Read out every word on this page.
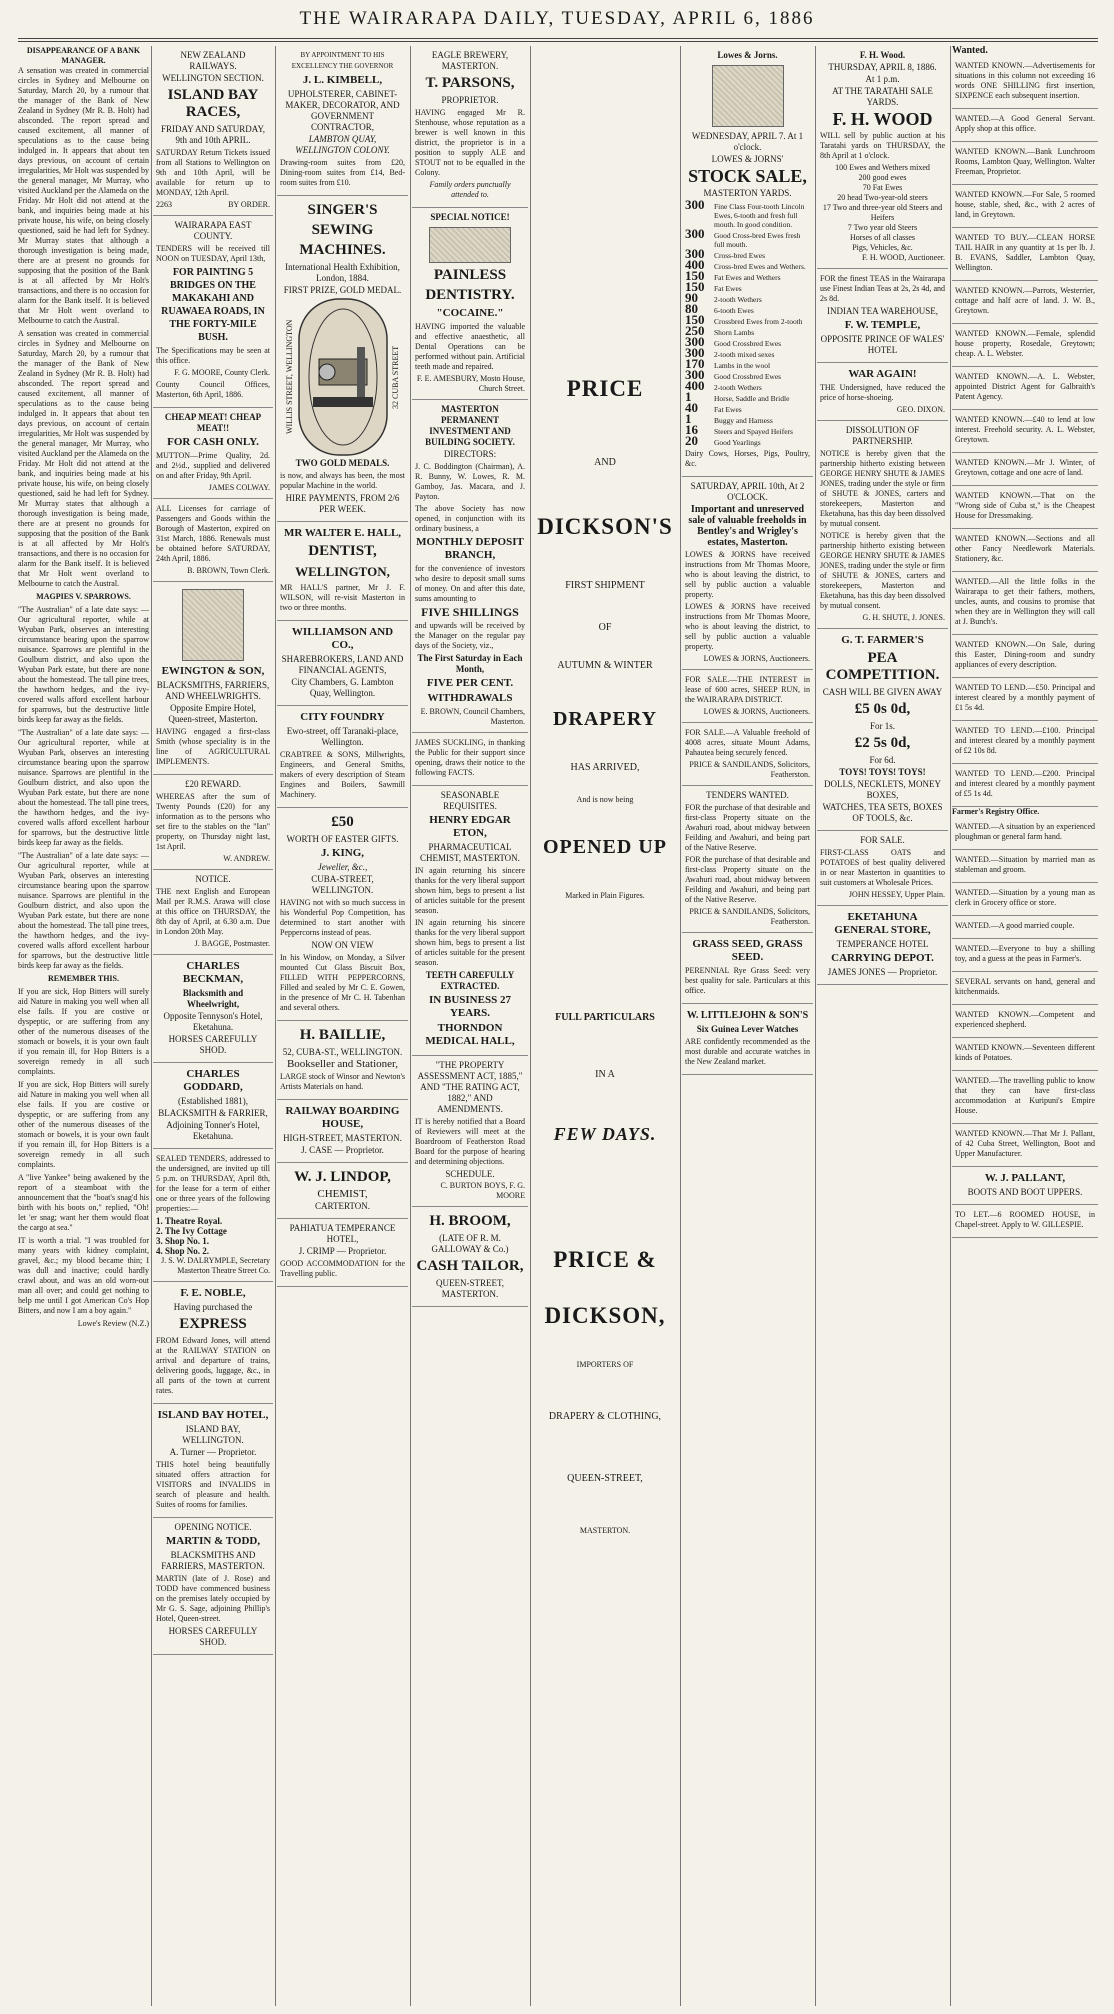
THE WAIRARAPA DAILY, TUESDAY, APRIL 6, 1886
DISAPPEARANCE OF A BANK MANAGER.

A sensation was created in commercial circles in Sydney and Melbourne on Saturday, March 20, by a rumour that the manager of the Bank of New Zealand in Sydney (Mr R. B. Holt) had absconded. The report spread and caused excitement, all manner of speculations as to the cause being indulged in. It appears that about ten days previous, on account of certain irregularities, Mr Holt was suspended by the general manager, Mr Murray, who visited Auckland per the Alameda on the Friday. Mr Holt did not attend at the bank, and inquiries being made at his private house, his wife, on being closely questioned, said he had left for Sydney. Mr Murray states that although a thorough investigation is being made, there are at present no grounds for supposing that the position of the Bank is at all affected by Mr Holt's transactions, and there is no occasion for alarm for the Bank itself. It is believed that Mr Holt went overland to Melbourne to catch the Austral.

A sensation was created in commercial circles in Sydney and Melbourne on Saturday, March 20, by a rumour that the manager of the Bank of New Zealand in Sydney (Mr R. B. Holt) had absconded. The report spread and caused excitement, all manner of speculations as to the cause being indulged in. It appears that about ten days previous, on account of certain irregularities, Mr Holt was suspended by the general manager, Mr Murray, who visited Auckland per the Alameda on the Friday. Mr Holt did not attend at the bank, and inquiries being made at his private house, his wife, on being closely questioned, said he had left for Sydney. Mr Murray states that although a thorough investigation is being made, there are at present no grounds for supposing that the position of the Bank is at all affected by Mr Holt's transactions, and there is no occasion for alarm for the Bank itself. It is believed that Mr Holt went overland to Melbourne to catch the Austral.

MAGPIES V. SPARROWS.

"The Australian" of a late date says: — Our agricultural reporter, while at Wyuban Park, observes an interesting circumstance bearing upon the sparrow nuisance. Sparrows are plentiful in the Goulburn district, and also upon the Wyuban Park estate, but there are none about the homestead. The tall pine trees, the hawthorn hedges, and the ivy-covered walls afford excellent harbour for sparrows, but the destructive little birds keep far away as the fields.

"The Australian" of a late date says: — Our agricultural reporter, while at Wyuban Park, observes an interesting circumstance bearing upon the sparrow nuisance. Sparrows are plentiful in the Goulburn district, and also upon the Wyuban Park estate, but there are none about the homestead. The tall pine trees, the hawthorn hedges, and the ivy-covered walls afford excellent harbour for sparrows, but the destructive little birds keep far away as the fields.

"The Australian" of a late date says: — Our agricultural reporter, while at Wyuban Park, observes an interesting circumstance bearing upon the sparrow nuisance. Sparrows are plentiful in the Goulburn district, and also upon the Wyuban Park estate, but there are none about the homestead. The tall pine trees, the hawthorn hedges, and the ivy-covered walls afford excellent harbour for sparrows, but the destructive little birds keep far away as the fields.

REMEMBER THIS.

If you are sick, Hop Bitters will surely aid Nature in making you well when all else fails. If you are costive or dyspeptic, or are suffering from any other of the numerous diseases of the stomach or bowels, it is your own fault if you remain ill, for Hop Bitters is a sovereign remedy in all such complaints.

If you are sick, Hop Bitters will surely aid Nature in making you well when all else fails. If you are costive or dyspeptic, or are suffering from any other of the numerous diseases of the stomach or bowels, it is your own fault if you remain ill, for Hop Bitters is a sovereign remedy in all such complaints.

A "live Yankee" being awakened by the report of a steamboat with the announcement that the "boat's snag'd his birth with his boots on," replied, "Oh! let 'er snag; want her them would float the cargo at sea."

IT is worth a trial. "I was troubled for many years with kidney complaint, gravel, &c.; my blood became thin; I was dull and inactive; could hardly crawl about, and was an old worn-out man all over; and could get nothing to help me until I got American Co's Hop Bitters, and now I am a boy again."

Lowe's Review (N.Z.)
NEW ZEALAND RAILWAYS.
WELLINGTON SECTION.
ISLAND BAY RACES,
FRIDAY AND SATURDAY, 9th and 10th APRIL.

SATURDAY Return Tickets issued from all Stations to Wellington on 9th and 10th April, will be available for return up to MONDAY, 12th April.

2263	BY ORDER.
WAIRARAPA EAST COUNTY.

TENDERS will be received till NOON on TUESDAY, April 13th,

FOR PAINTING 5 BRIDGES ON THE MAKAKAHI AND RUAWAEA ROADS, IN THE FORTY-MILE BUSH.

The Specifications may be seen at this office.

F. G. MOORE, County Clerk.

County Council Offices, Masterton, 6th April, 1886.

CHEAP MEAT! CHEAP MEAT!!
FOR CASH ONLY.

MUTTON—Prime Quality, 2d. and 2½d., supplied and delivered on and after Friday, 9th April.

JAMES COLWAY.

ALL Licenses for carriage of Passengers and Goods within the Borough of Masterton, expired on 31st March, 1886. Renewals must be obtained before SATURDAY, 24th April, 1886.

B. BROWN, Town Clerk.
EWINGTON & SON,
BLACKSMITHS, FARRIERS, AND WHEELWRIGHTS.
Opposite Empire Hotel, Queen-street, Masterton.

HAVING engaged a first-class Smith (whose speciality is in the line of AGRICULTURAL IMPLEMENTS.

£20 REWARD.

WHEREAS after the sum of Twenty Pounds (£20) for any information as to the persons who set fire to the stables on the "Ian" property, on Thursday night last, 1st April.

W. ANDREW.
NOTICE.

THE next English and European Mail per R.M.S. Arawa will close at this office on THURSDAY, the 8th day of April, at 6.30 a.m. Due in London 20th May.

J. BAGGE, Postmaster.
CHARLES BECKMAN,
Blacksmith and Wheelwright,
Opposite Tennyson's Hotel, Eketahuna.
HORSES CAREFULLY SHOD.
CHARLES GODDARD,
(Established 1881),
BLACKSMITH & FARRIER,
Adjoining Tonner's Hotel, Eketahuna.

SEALED TENDERS, addressed to the undersigned, are invited up till 5 p.m. on THURSDAY, April 8th, for the lease for a term of either one or three years of the following properties:—

1. Theatre Royal.
2. The Ivy Cottage
3. Shop No. 1.
4. Shop No. 2.
J. S. W. DALRYMPLE, Secretary Masterton Theatre Street Co.
F. E. NOBLE,
Having purchased the
EXPRESS

FROM Edward Jones, will attend at the RAILWAY STATION on arrival and departure of trains, delivering goods, luggage, &c., in all parts of the town at current rates.

ISLAND BAY HOTEL,
ISLAND BAY, WELLINGTON.
A. Turner — Proprietor.

THIS hotel being beautifully situated offers attraction for VISITORS and INVALIDS in search of pleasure and health. Suites of rooms for families.

OPENING NOTICE.
MARTIN & TODD,
BLACKSMITHS AND FARRIERS, MASTERTON.

MARTIN (late of J. Rose) and TODD have commenced business on the premises lately occupied by Mr G. S. Sage, adjoining Phillip's Hotel, Queen-street.

HORSES CAREFULLY SHOD.
BY APPOINTMENT TO HIS EXCELLENCY THE GOVERNOR
J. L. KIMBELL,
UPHOLSTERER, CABINET-MAKER, DECORATOR, AND GOVERNMENT CONTRACTOR,
LAMBTON QUAY, WELLINGTON COLONY.

Drawing-room suites from £20, Dining-room suites from £14, Bed-room suites from £10.

SINGER'S
SEWING
MACHINES.
International Health Exhibition, London, 1884.
FIRST PRIZE, GOLD MEDAL.
WILLIS STREET, WELLINGTON	32 CUBA STREET
TWO GOLD MEDALS.

is now, and always has been, the most popular Machine in the world.

HIRE PAYMENTS, FROM 2/6 PER WEEK.
MR WALTER E. HALL,
DENTIST,
WELLINGTON,

MR HALL'S partner, Mr J. F. WILSON, will re-visit Masterton in two or three months.

WILLIAMSON AND CO.,
SHAREBROKERS, LAND AND FINANCIAL AGENTS,
City Chambers, G. Lambton Quay, Wellington.
CITY FOUNDRY
Ewo-street, off Taranaki-place, Wellington.

CRABTREE & SONS, Millwrights, Engineers, and General Smiths, makers of every description of Steam Engines and Boilers, Sawmill Machinery.

£50
WORTH OF EASTER GIFTS.
J. KING,
Jeweller, &c.,
CUBA-STREET, WELLINGTON.

HAVING not with so much success in his Wonderful Pop Competition, has determined to start another with Peppercorns instead of peas.

NOW ON VIEW

In his Window, on Monday, a Silver mounted Cut Glass Biscuit Box, FILLED WITH PEPPERCORNS, Filled and sealed by Mr C. E. Gowen, in the presence of Mr C. H. Tabenhan and several others.

H. BAILLIE,
52, CUBA-ST., WELLINGTON.
Bookseller and Stationer,

LARGE stock of Winsor and Newton's Artists Materials on hand.

RAILWAY BOARDING HOUSE,
HIGH-STREET, MASTERTON.
J. CASE — Proprietor.
W. J. LINDOP,
CHEMIST,
CARTERTON.
PAHIATUA TEMPERANCE HOTEL,
J. CRIMP — Proprietor.

GOOD ACCOMMODATION for the Travelling public.

EAGLE BREWERY, MASTERTON.
T. PARSONS,
PROPRIETOR.

HAVING engaged Mr R. Stenhouse, whose reputation as a brewer is well known in this district, the proprietor is in a position to supply ALE and STOUT not to be equalled in the Colony.

Family orders punctually attended to.

SPECIAL NOTICE!
PAINLESS
DENTISTRY.
"COCAINE."

HAVING imported the valuable and effective anaesthetic, all Dental Operations can be performed without pain. Artificial teeth made and repaired.

F. E. AMESBURY, Mosto House, Church Street.
MASTERTON PERMANENT INVESTMENT AND BUILDING SOCIETY.
DIRECTORS:

J. C. Boddington (Chairman), A. R. Bunny, W. Lowes, R. M. Gamboy, Jas. Macara, and J. Payton.

The above Society has now opened, in conjunction with its ordinary business, a

MONTHLY DEPOSIT BRANCH,

for the convenience of investors who desire to deposit small sums of money. On and after this date, sums amounting to

FIVE SHILLINGS

and upwards will be received by the Manager on the regular pay days of the Society, viz.,

The First Saturday in Each Month,
FIVE PER CENT.
WITHDRAWALS
E. BROWN, Council Chambers, Masterton.

JAMES SUCKLING, in thanking the Public for their support since opening, draws their notice to the following FACTS.

SEASONABLE REQUISITES.
HENRY EDGAR ETON,
PHARMACEUTICAL CHEMIST, MASTERTON.

IN again returning his sincere thanks for the very liberal support shown him, begs to present a list of articles suitable for the present season.

IN again returning his sincere thanks for the very liberal support shown him, begs to present a list of articles suitable for the present season.

TEETH CAREFULLY EXTRACTED.
IN BUSINESS 27 YEARS.
THORNDON MEDICAL HALL,
"THE PROPERTY ASSESSMENT ACT, 1885," AND "THE RATING ACT, 1882," AND AMENDMENTS.

IT is hereby notified that a Board of Reviewers will meet at the Boardroom of Featherston Road Board for the purpose of hearing and determining objections.

SCHEDULE.
C. BURTON BOYS, F. G. MOORE
H. BROOM,
(LATE OF R. M. GALLOWAY & Co.)
CASH TAILOR,
QUEEN-STREET, MASTERTON.
PRICE
AND
DICKSON'S
FIRST SHIPMENT
OF
AUTUMN & WINTER
DRAPERY
HAS ARRIVED,
And is now being
OPENED UP
Marked in Plain Figures.
FULL PARTICULARS
IN A
FEW DAYS.
PRICE &
DICKSON,
IMPORTERS OF
DRAPERY & CLOTHING,
QUEEN-STREET,
MASTERTON.
Lowes & Jorns.
WEDNESDAY, APRIL 7. At 1 o'clock.
LOWES & JORNS'
STOCK SALE,
MASTERTON YARDS.
300	Fine Class Four-tooth Lincoln Ewes, 6-tooth and fresh full mouth. In good condition.
300	Good Cross-bred Ewes fresh full mouth.
300	Cross-bred Ewes
400	Cross-bred Ewes and Wethers.
150	Fat Ewes and Wethers
150	Fat Ewes
90	2-tooth Wethers
80	6-tooth Ewes
150	Crossbred Ewes from 2-tooth
250	Shorn Lambs
300	Good Crossbred Ewes
300	2-tooth mixed sexes
170	Lambs in the wool
300	Good Crossbred Ewes
400	2-tooth Wethers
1	Horse, Saddle and Bridle
40	Fat Ewes
1	Buggy and Harness
16	Steers and Spayed Heifers
20	Good Yearlings

Dairy Cows, Horses, Pigs, Poultry, &c.

SATURDAY, APRIL 10th, At 2 O'CLOCK.
Important and unreserved sale of valuable freeholds in Bentley's and Wrigley's estates, Masterton.

LOWES & JORNS have received instructions from Mr Thomas Moore, who is about leaving the district, to sell by public auction a valuable property.

LOWES & JORNS have received instructions from Mr Thomas Moore, who is about leaving the district, to sell by public auction a valuable property.

LOWES & JORNS, Auctioneers.

FOR SALE.—THE INTEREST in lease of 600 acres, SHEEP RUN, in the WAIRARAPA DISTRICT.

LOWES & JORNS, Auctioneers.

FOR SALE.—A Valuable freehold of 4008 acres, situate Mount Adams, Pahautea being securely fenced.

PRICE & SANDILANDS, Solicitors, Featherston.
TENDERS WANTED.

FOR the purchase of that desirable and first-class Property situate on the Awahuri road, about midway between Feilding and Awahuri, and being part of the Native Reserve.

FOR the purchase of that desirable and first-class Property situate on the Awahuri road, about midway between Feilding and Awahuri, and being part of the Native Reserve.

PRICE & SANDILANDS, Solicitors, Featherston.
GRASS SEED, GRASS SEED.

PERENNIAL Rye Grass Seed: very best quality for sale. Particulars at this office.

W. LITTLEJOHN & SON'S
Six Guinea Lever Watches

ARE confidently recommended as the most durable and accurate watches in the New Zealand market.

F. H. Wood.
THURSDAY, APRIL 8, 1886.
At 1 p.m.
AT THE TARATAHI SALE YARDS.
F. H. WOOD

WILL sell by public auction at his Taratahi yards on THURSDAY, the 8th April at 1 o'clock.

100 Ewes and Wethers mixed
200 good ewes
70 Fat Ewes
20 head Two-year-old steers
17 Two and three-year old Steers and Heifers
7 Two year old Steers
Horses of all classes
Pigs, Vehicles, &c.
F. H. WOOD, Auctioneer.

FOR the finest TEAS in the Wairarapa use Finest Indian Teas at 2s, 2s 4d, and 2s 8d.

INDIAN TEA WAREHOUSE,
F. W. TEMPLE,
OPPOSITE PRINCE OF WALES' HOTEL
WAR AGAIN!

THE Undersigned, have reduced the price of horse-shoeing.

GEO. DIXON.
DISSOLUTION OF PARTNERSHIP.

NOTICE is hereby given that the partnership hitherto existing between GEORGE HENRY SHUTE & JAMES JONES, trading under the style or firm of SHUTE & JONES, carters and storekeepers, Masterton and Eketahuna, has this day been dissolved by mutual consent.

NOTICE is hereby given that the partnership hitherto existing between GEORGE HENRY SHUTE & JAMES JONES, trading under the style or firm of SHUTE & JONES, carters and storekeepers, Masterton and Eketahuna, has this day been dissolved by mutual consent.

G. H. SHUTE, J. JONES.
G. T. FARMER'S
PEA COMPETITION.
CASH WILL BE GIVEN AWAY
£5 0s 0d,
For 1s.
£2 5s 0d,
For 6d.
TOYS! TOYS! TOYS!
DOLLS, NECKLETS, MONEY BOXES,
WATCHES, TEA SETS, BOXES OF TOOLS, &c.
FOR SALE.

FIRST-CLASS OATS and POTATOES of best quality delivered in or near Masterton in quantities to suit customers at Wholesale Prices.

JOHN HESSEY, Upper Plain.
EKETAHUNA GENERAL STORE,
TEMPERANCE HOTEL
CARRYING DEPOT.
JAMES JONES — Proprietor.
Wanted.

WANTED KNOWN.—Advertisements for situations in this column not exceeding 16 words ONE SHILLING first insertion, SIXPENCE each subsequent insertion.

WANTED.—A Good General Servant. Apply shop at this office.

WANTED KNOWN.—Bank Lunchroom Rooms, Lambton Quay, Wellington. Walter Freeman, Proprietor.

WANTED KNOWN.—For Sale, 5 roomed house, stable, shed, &c., with 2 acres of land, in Greytown.

WANTED TO BUY.—CLEAN HORSE TAIL HAIR in any quantity at 1s per lb. J. B. EVANS, Saddler, Lambton Quay, Wellington.

WANTED KNOWN.—Parrots, Westerrier, cottage and half acre of land. J. W. B., Greytown.

WANTED KNOWN.—Female, splendid house property, Rosedale, Greytown; cheap. A. L. Webster.

WANTED KNOWN.—A. L. Webster, appointed District Agent for Galbraith's Patent Agency.

WANTED KNOWN.—£40 to lend at low interest. Freehold security. A. L. Webster, Greytown.

WANTED KNOWN.—Mr J. Winter, of Greytown, cottage and one acre of land.

WANTED KNOWN.—That on the "Wrong side of Cuba st," is the Cheapest House for Dressmaking.

WANTED KNOWN.—Sections and all other Fancy Needlework Materials. Stationery, &c.

WANTED.—All the little folks in the Wairarapa to get their fathers, mothers, uncles, aunts, and cousins to promise that when they are in Wellington they will call at J. Bunch's.

WANTED KNOWN.—On Sale, during this Easter, Dining-room and sundry appliances of every description.

WANTED TO LEND.—£50. Principal and interest cleared by a monthly payment of £1 5s 4d.

WANTED TO LEND.—£100. Principal and interest cleared by a monthly payment of £2 10s 8d.

WANTED TO LEND.—£200. Principal and interest cleared by a monthly payment of £5 1s 4d.

Farmer's Registry Office.

WANTED.—A situation by an experienced ploughman or general farm hand.

WANTED.—Situation by married man as stableman and groom.

WANTED.—Situation by a young man as clerk in Grocery office or store.

WANTED.—A good married couple.

WANTED.—Everyone to buy a shilling toy, and a guess at the peas in Farmer's.

SEVERAL servants on hand, general and kitchenmaids.

WANTED KNOWN.—Competent and experienced shepherd.

WANTED KNOWN.—Seventeen different kinds of Potatoes.

WANTED.—The travelling public to know that they can have first-class accommodation at Kuripuni's Empire House.

WANTED KNOWN.—That Mr J. Pallant, of 42 Cuba Street, Wellington, Boot and Upper Manufacturer.

W. J. PALLANT,
BOOTS AND BOOT UPPERS.

TO LET.—6 ROOMED HOUSE, in Chapel-street. Apply to W. GILLESPIE.
